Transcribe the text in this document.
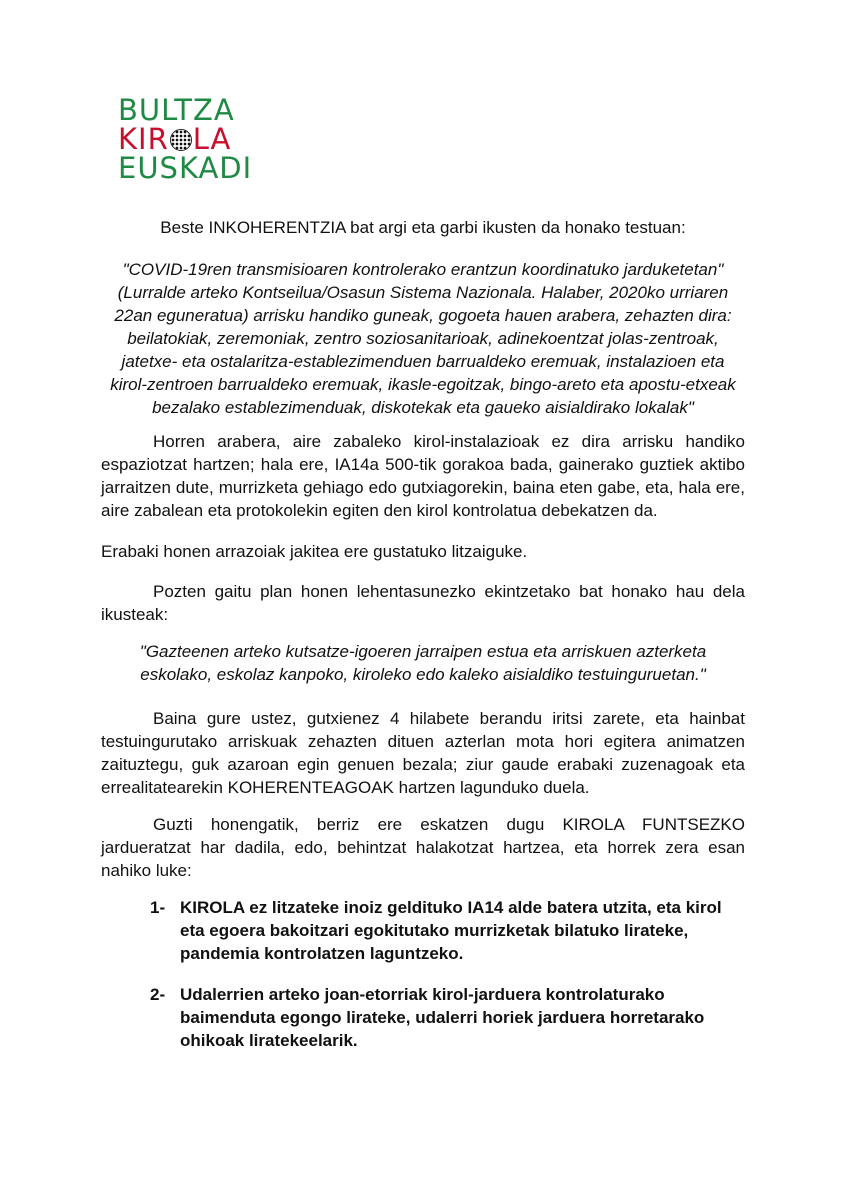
BULTZA
KIR LA
EUSKADI

Beste INKOHERENTZIA bat argi eta garbi ikusten da honako testuan:

"COVID-19ren transmisioaren kontrolerako erantzun koordinatuko jarduketetan" (Lurralde arteko Kontseilua/Osasun Sistema Nazionala. Halaber, 2020ko urriaren 22an eguneratua) arrisku handiko guneak, gogoeta hauen arabera, zehazten dira: beilatokiak, zeremoniak, zentro soziosanitarioak, adinekoentzat jolas-zentroak, jatetxe- eta ostalaritza-establezimenduen barrualdeko eremuak, instalazioen eta kirol-zentroen barrualdeko eremuak, ikasle-egoitzak, bingo-areto eta apostu-etxeak bezalako establezimenduak, diskotekak eta gaueko aisialdirako lokalak"

Horren arabera, aire zabaleko kirol-instalazioak ez dira arrisku handiko espaziotzat hartzen; hala ere, IA14a 500-tik gorakoa bada, gainerako guztiek aktibo jarraitzen dute, murrizketa gehiago edo gutxiagorekin, baina eten gabe, eta, hala ere, aire zabalean eta protokolekin egiten den kirol kontrolatua debekatzen da.

Erabaki honen arrazoiak jakitea ere gustatuko litzaiguke.

Pozten gaitu plan honen lehentasunezko ekintzetako bat honako hau dela ikusteak:

"Gazteenen arteko kutsatze-igoeren jarraipen estua eta arriskuen azterketa eskolako, eskolaz kanpoko, kiroleko edo kaleko aisialdiko testuinguruetan."

Baina gure ustez, gutxienez 4 hilabete berandu iritsi zarete, eta hainbat testuingurutako arriskuak zehazten dituen azterlan mota hori egitera animatzen zaituztegu, guk azaroan egin genuen bezala; ziur gaude erabaki zuzenagoak eta errealitatearekin KOHERENTEAGOAK hartzen lagunduko duela.

Guzti honengatik, berriz ere eskatzen dugu KIROLA FUNTSEZKO jardueratzat har dadila, edo, behintzat halakotzat hartzea, eta horrek zera esan nahiko luke:

1- KIROLA ez litzateke inoiz geldituko IA14 alde batera utzita, eta kirol eta egoera bakoitzari egokitutako murrizketak bilatuko lirateke, pandemia kontrolatzen laguntzeko.
2- Udalerrien arteko joan-etorriak kirol-jarduera kontrolaturako baimenduta egongo lirateke, udalerri horiek jarduera horretarako ohikoak liratekeelarik.
